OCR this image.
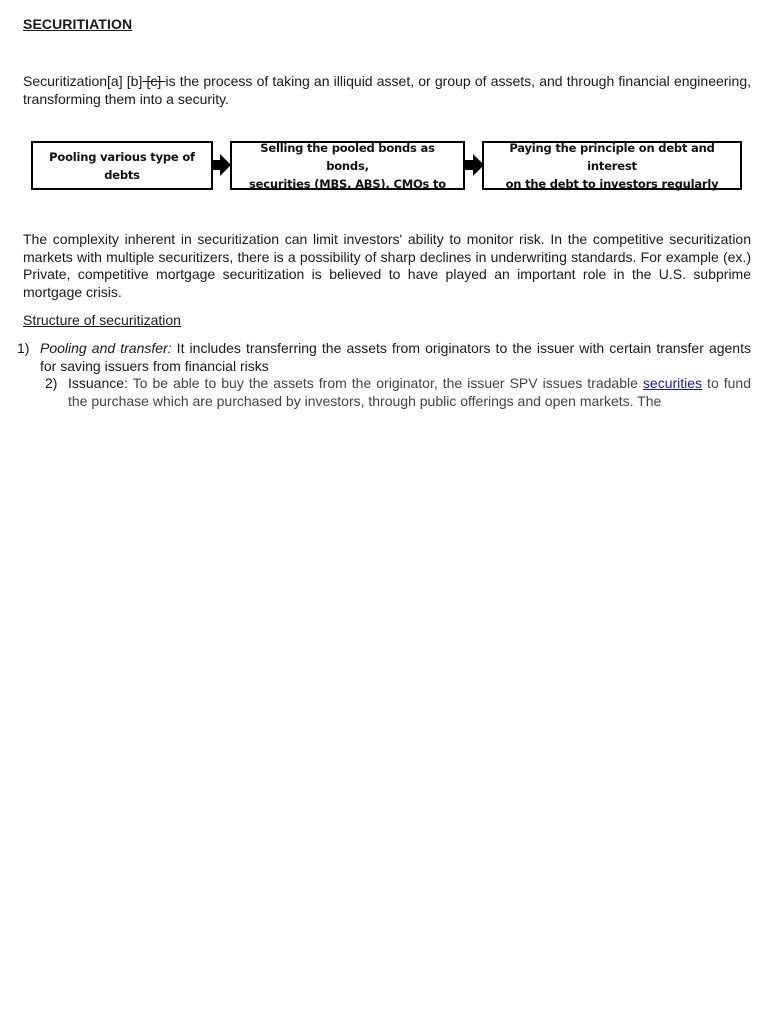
SECURITIATION
Securitization[a] [b] [c] is the process of taking an illiquid asset, or group of assets, and through financial engineering, transforming them into a security.
Pooling various type of
debts
Selling the pooled bonds as bonds,
securities (MBS, ABS), CMOs to
Paying the principle on debt and interest
on the debt to investors regularly
The complexity inherent in securitization can limit investors' ability to monitor risk. In the competitive securitization markets with multiple securitizers, there is a possibility of sharp declines in underwriting standards. For example (ex.) Private, competitive mortgage securitization is believed to have played an important role in the U.S. subprime mortgage crisis.
Structure of securitization
1) Pooling and transfer: It includes transferring the assets from originators to the issuer with certain transfer agents for saving issuers from financial risks
2) Issuance: To be able to buy the assets from the originator, the issuer SPV issues tradable securities to fund the purchase which are purchased by investors, through public offerings and open markets. The
